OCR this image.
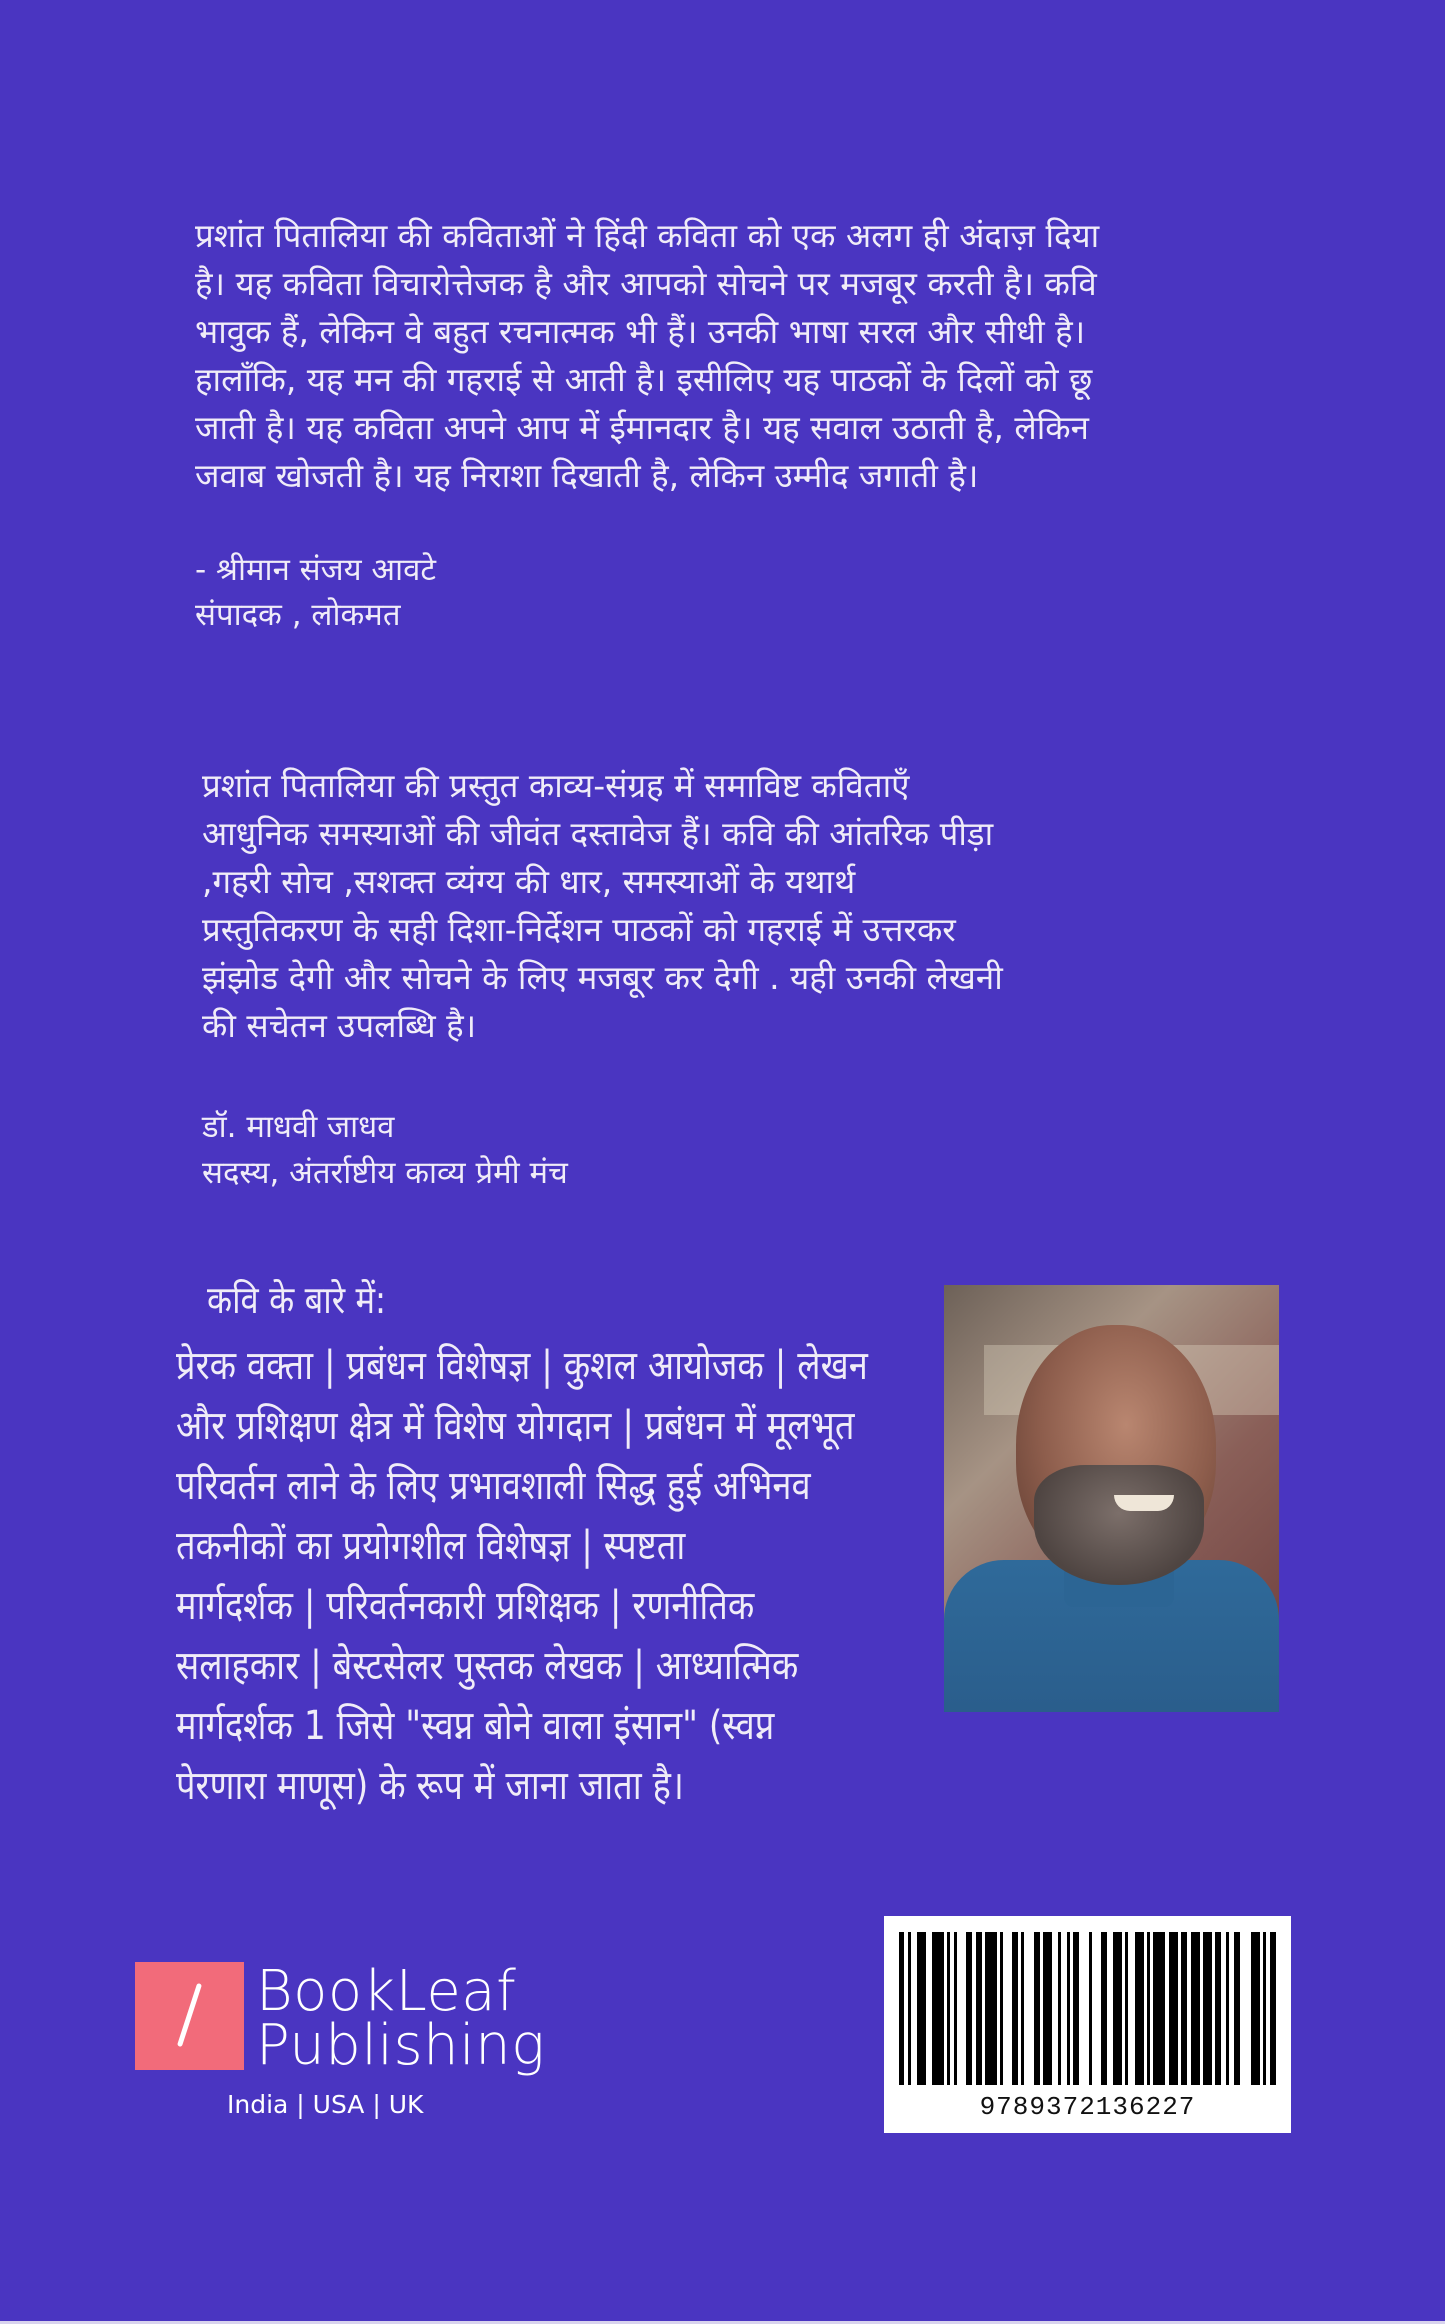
प्रशांत पितालिया की कविताओं ने हिंदी कविता को एक अलग ही अंदाज़ दिया
है। यह कविता विचारोत्तेजक है और आपको सोचने पर मजबूर करती है। कवि
भावुक हैं, लेकिन वे बहुत रचनात्मक भी हैं। उनकी भाषा सरल और सीधी है।
हालाँकि, यह मन की गहराई से आती है। इसीलिए यह पाठकों के दिलों को छू
जाती है। यह कविता अपने आप में ईमानदार है। यह सवाल उठाती है, लेकिन
जवाब खोजती है। यह निराशा दिखाती है, लेकिन उम्मीद जगाती है।
- श्रीमान संजय आवटे
संपादक , लोकमत
प्रशांत पितालिया की प्रस्तुत काव्य-संग्रह में समाविष्ट कविताएँ
आधुनिक समस्याओं की जीवंत दस्तावेज हैं। कवि की आंतरिक पीड़ा
,गहरी सोच ,सशक्त व्यंग्य की धार, समस्याओं के यथार्थ
प्रस्तुतिकरण के सही दिशा-निर्देशन पाठकों को गहराई में उत्तरकर
झंझोड देगी और सोचने के लिए मजबूर कर देगी . यही उनकी लेखनी
की सचेतन उपलब्धि है।
डॉ. माधवी जाधव
सदस्य, अंतर्राष्टीय काव्य प्रेमी मंच
कवि के बारे में:
प्रेरक वक्ता | प्रबंधन विशेषज्ञ | कुशल आयोजक | लेखन
और प्रशिक्षण क्षेत्र में विशेष योगदान | प्रबंधन में मूलभूत
परिवर्तन लाने के लिए प्रभावशाली सिद्ध हुई अभिनव
तकनीकों का प्रयोगशील विशेषज्ञ | स्पष्टता
मार्गदर्शक | परिवर्तनकारी प्रशिक्षक | रणनीतिक
सलाहकार | बेस्टसेलर पुस्तक लेखक | आध्यात्मिक
मार्गदर्शक 1 जिसे "स्वप्न बोने वाला इंसान" (स्वप्न
पेरणारा माणूस) के रूप में जाना जाता है।
BookLeaf
Publishing
India | USA | UK	9789372136227
